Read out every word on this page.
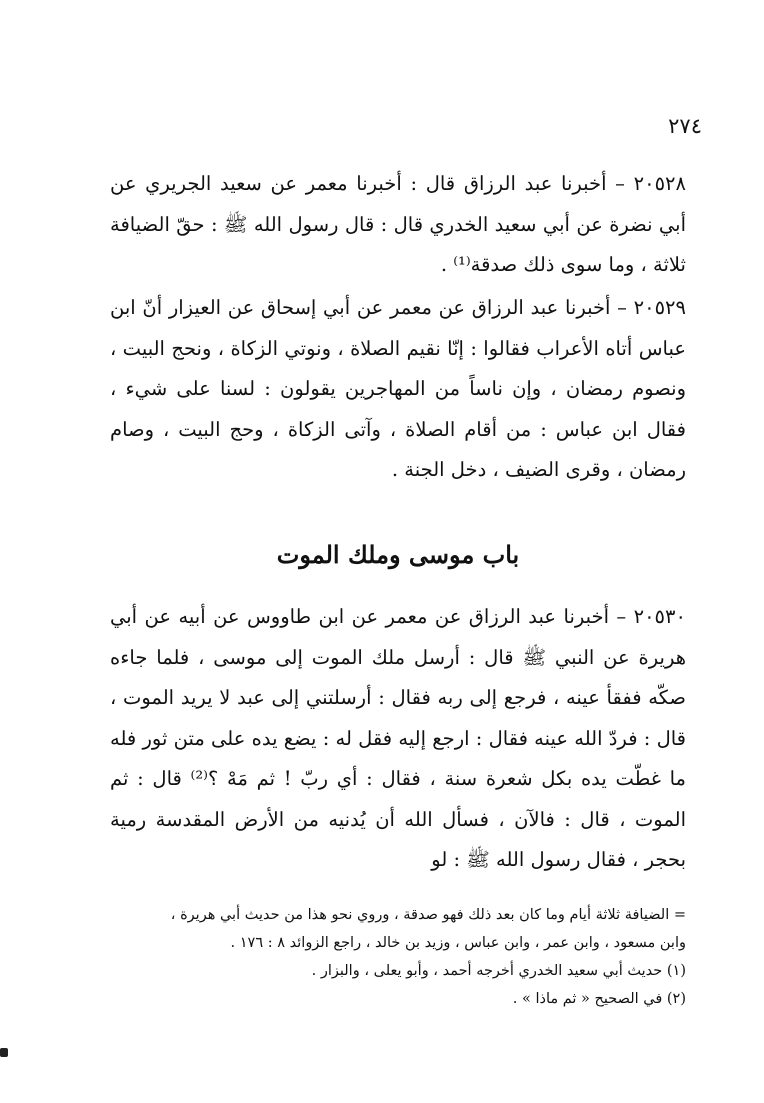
٢٧٤
٢٠٥٢٨ – أخبرنا عبد الرزاق قال : أخبرنا معمر عن سعيد الجريري عن أبي نضرة عن أبي سعيد الخدري قال : قال رسول الله ﷺ : حقّ الضيافة ثلاثة ، وما سوى ذلك صدقة⁽¹⁾ .
٢٠٥٢٩ – أخبرنا عبد الرزاق عن معمر عن أبي إسحاق عن العيزار أنّ ابن عباس أتاه الأعراب فقالوا : إنّا نقيم الصلاة ، ونوتي الزكاة ، ونحج البيت ، ونصوم رمضان ، وإن ناساً من المهاجرين يقولون : لسنا على شيء ، فقال ابن عباس : من أقام الصلاة ، وآتى الزكاة ، وحج البيت ، وصام رمضان ، وقرى الضيف ، دخل الجنة .
باب موسى وملك الموت
٢٠٥٣٠ – أخبرنا عبد الرزاق عن معمر عن ابن طاووس عن أبيه عن أبي هريرة عن النبي ﷺ قال : أرسل ملك الموت إلى موسى ، فلما جاءه صكّه ففقأ عينه ، فرجع إلى ربه فقال : أرسلتني إلى عبد لا يريد الموت ، قال : فردّ الله عينه فقال : ارجع إليه فقل له : يضع يده على متن ثور فله ما غطّت يده بكل شعرة سنة ، فقال : أي ربّ ! ثم مَهْ ؟⁽²⁾ قال : ثم الموت ، قال : فالآن ، فسأل الله أن يُدنيه من الأرض المقدسة رمية بحجر ، فقال رسول الله ﷺ : لو
= الضيافة ثلاثة أيام وما كان بعد ذلك فهو صدقة ، وروي نحو هذا من حديث أبي هريرة ،
وابن مسعود ، وابن عمر ، وابن عباس ، وزيد بن خالد ، راجع الزوائد ٨ : ١٧٦ .
(١) حديث أبي سعيد الخدري أخرجه أحمد ، وأبو يعلى ، والبزار .
(٢) في الصحيح « ثم ماذا » .
